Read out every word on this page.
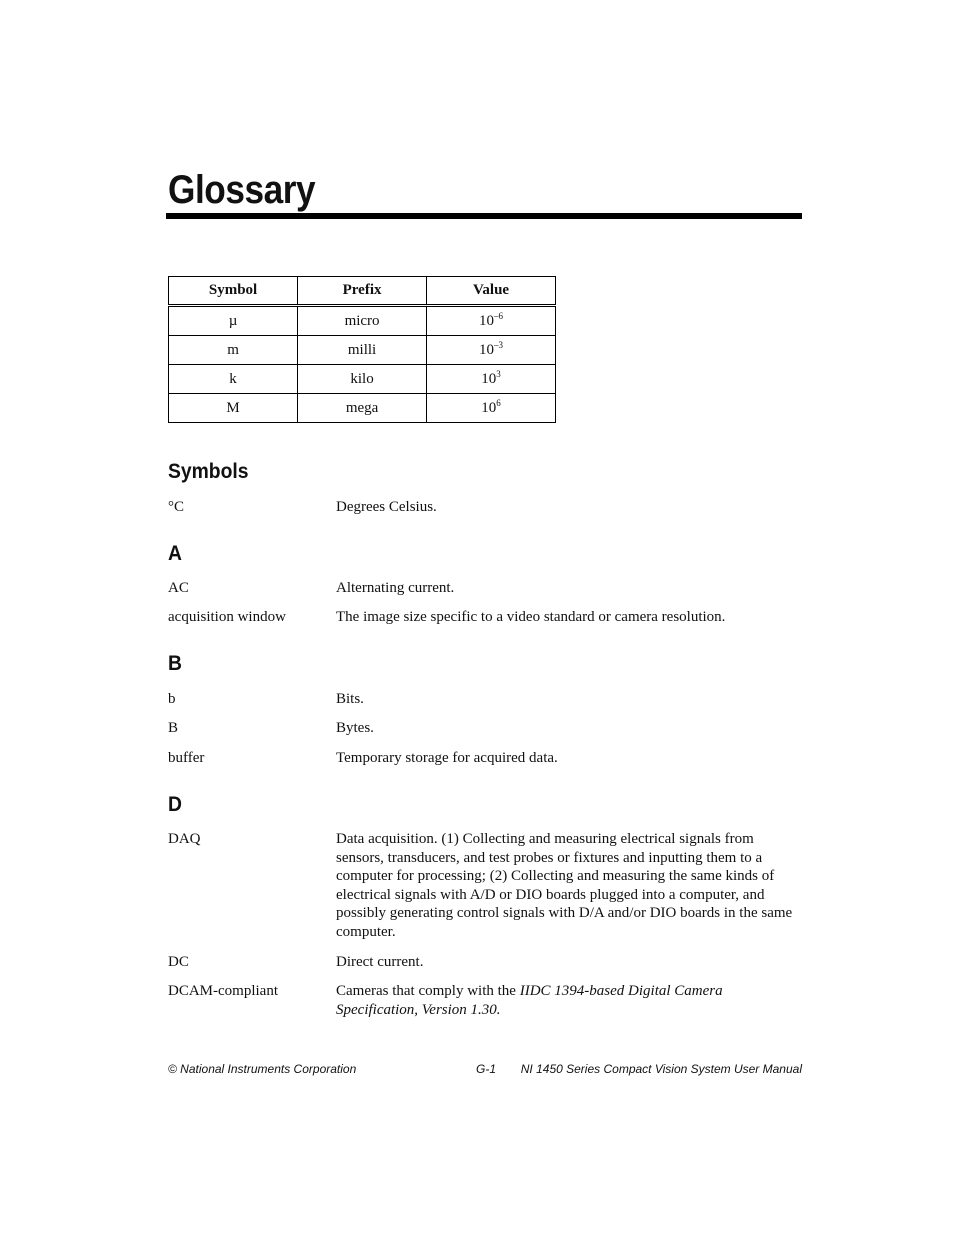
Glossary
Symbol	Prefix	Value
µ	micro	$10^{-6}$
m	milli	$10^{-3}$
k	kilo	$10^3$
M	mega	$10^6$
Symbols
°C	Degrees Celsius.
A
AC	Alternating current.
acquisition window	The image size specific to a video standard or camera resolution.
B
b	Bits.
B	Bytes.
buffer	Temporary storage for acquired data.
D
DAQ	Data acquisition. (1) Collecting and measuring electrical signals from sensors, transducers, and test probes or fixtures and inputting them to a computer for processing; (2) Collecting and measuring the same kinds of electrical signals with A/D or DIO boards plugged into a computer, and possibly generating control signals with D/A and/or DIO boards in the same computer.
DC	Direct current.
DCAM-compliant	Cameras that comply with the IIDC 1394-based Digital Camera Specification, Version 1.30.
© National Instruments Corporation	G-1 NI 1450 Series Compact Vision System User Manual
